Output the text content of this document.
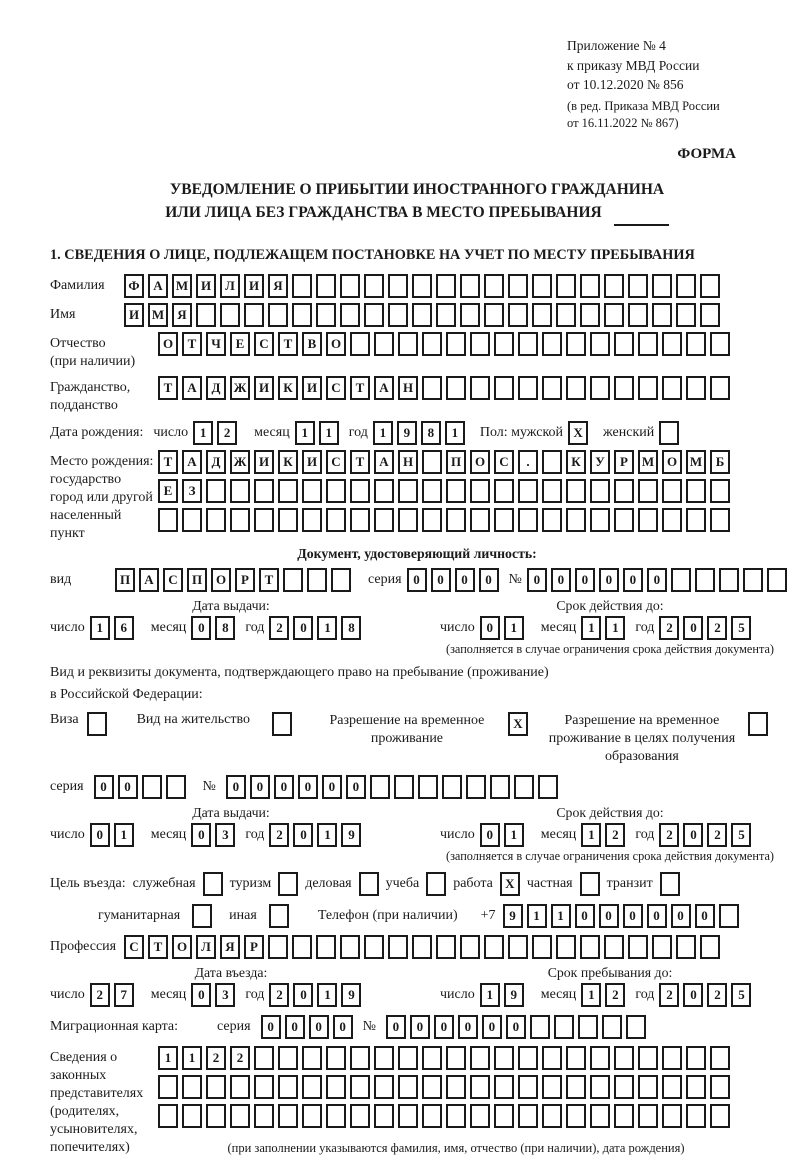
Приложение № 4
к приказу МВД России
от 10.12.2020 № 856
(в ред. Приказа МВД России
от 16.11.2022 № 867)
ФОРМА
УВЕДОМЛЕНИЕ О ПРИБЫТИИ ИНОСТРАННОГО ГРАЖДАНИНА
ИЛИ ЛИЦА БЕЗ ГРАЖДАНСТВА В МЕСТО ПРЕБЫВАНИЯ
1. СВЕДЕНИЯ О ЛИЦЕ, ПОДЛЕЖАЩЕМ ПОСТАНОВКЕ НА УЧЕТ ПО МЕСТУ ПРЕБЫВАНИЯ
Фамилия	Ф	А	М И	Л	И	Я
Имя	И М	Я
Отчество
(при наличии)
О	Т	Ч	Е	С	Т	В	О
Гражданство,
подданство
Т	А	Д	Ж И	К	И	С	Т	А	Н
Дата рождения: число 1	2	месяц 1	1	год 1	9	8	1	Пол: мужской X	женский
Место рождения:
государство
город или другой
населенный пункт
Т	А	Д	Ж И	К	И	С	Т	А	Н	П	О	С	.	К	У	Р	М О М	Б
Е	З
Документ, удостоверяющий личность:
вид	П	А	С	П	О	Р	Т	серия 0	0	0	0	№ 0	0	0	0	0	0
Дата выдачи:
число 1	6	месяц 0	8	год 2	0	1	8
Срок действия до:
число 0	1	месяц 1	1	год 2	0	2	5
(заполняется в случае ограничения срока действия документа)
Вид и реквизиты документа, подтверждающего право на пребывание (проживание)
в Российской Федерации:
Виза	Вид на жительство	Разрешение на временное проживание
X	Разрешение на временное проживание в целях получения образования
серия	0	0	№	0	0	0	0	0	0
Дата выдачи:
число 0	1	месяц 0	3	год 2	0	1	9
Срок действия до:
число 0	1	месяц 1	2	год 2	0	2	5
(заполняется в случае ограничения срока действия документа)
Цель въезда: служебная туризм деловая учеба работа X частная транзит
гуманитарная	иная	Телефон (при наличии) +7	9	1	1	0	0	0	0	0	0
Профессия	С	Т	О	Л	Я	Р
Дата въезда:
число 2	7	месяц 0	3	год 2	0	1	9
Срок пребывания до:
число 1	9	месяц 1	2	год 2	0	2	5
Миграционная карта:	серия	0	0	0	0	№	0	0	0	0	0	0
Сведения о
законных
представителях
(родителях,
усыновителях,
попечителях)
1	1	2	2
(при заполнении указываются фамилия, имя, отчество (при наличии), дата рождения)
